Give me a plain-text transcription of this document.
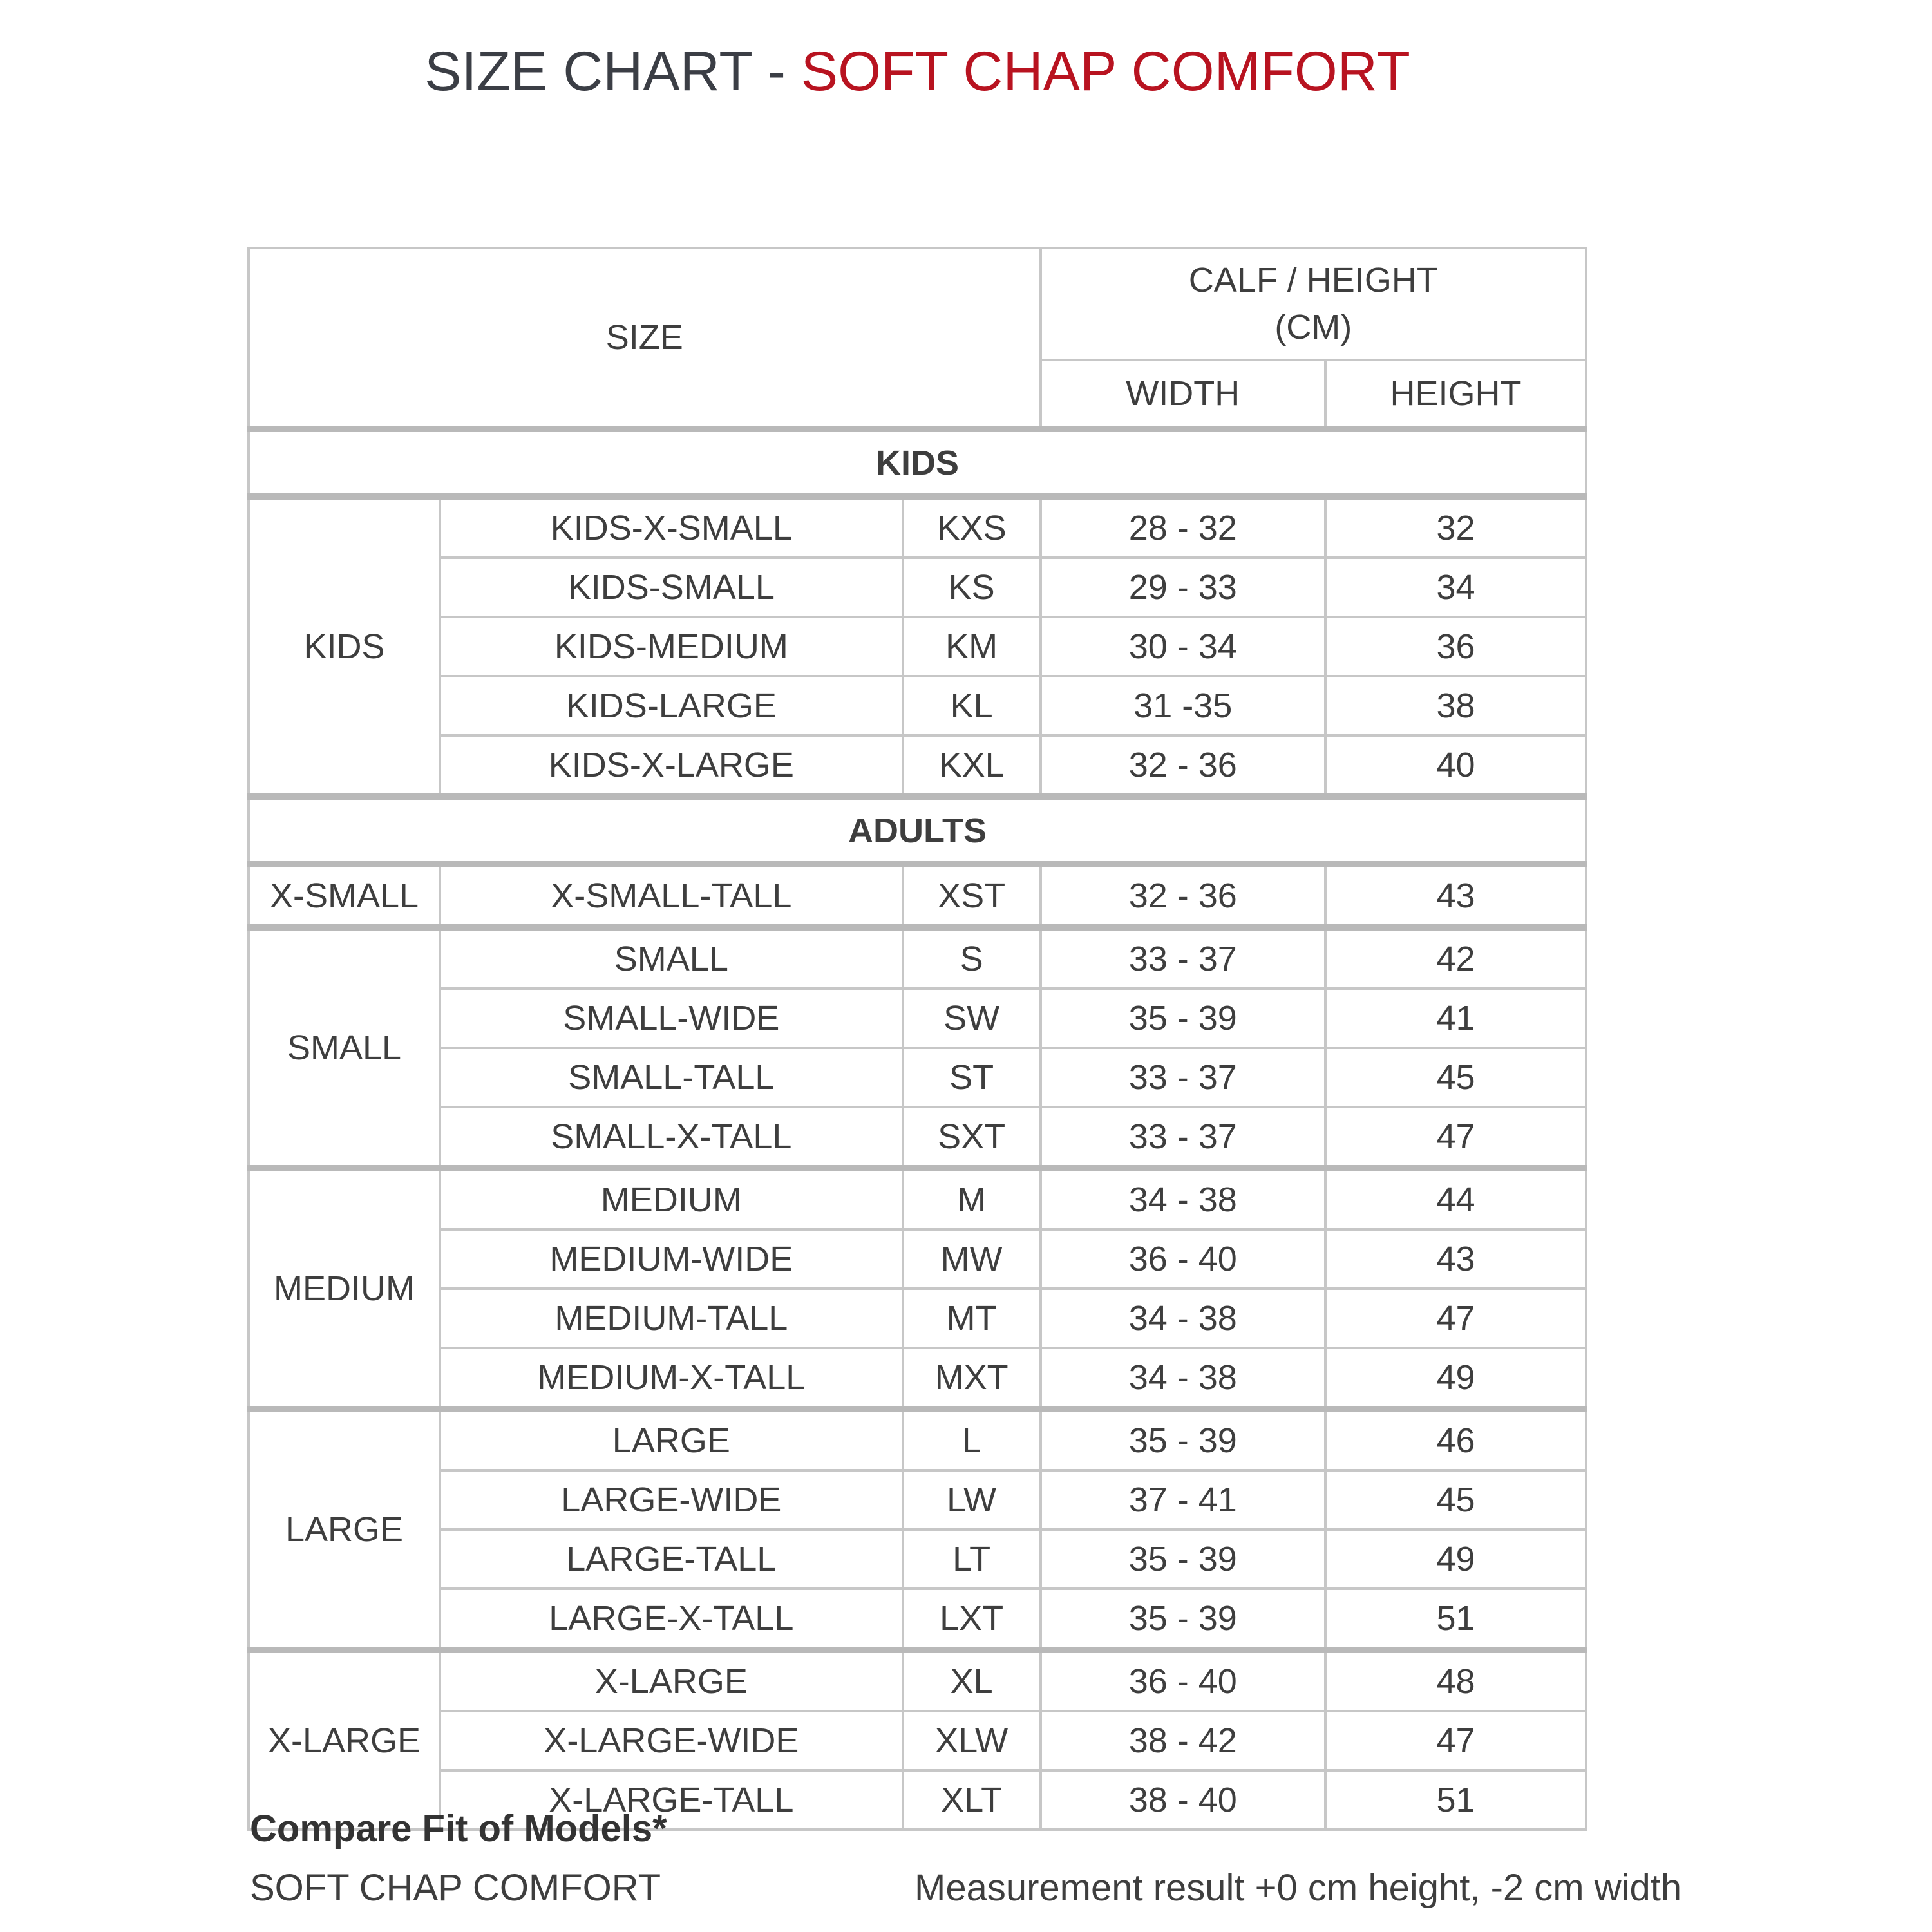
SIZE CHART - SOFT CHAP COMFORT
SIZE			CALF / HEIGHT
(CM)	

			WIDTH	HEIGHT
KIDS				
KIDS	KIDS-X-SMALL	KXS	28 - 32	32
	KIDS-SMALL	KS	29 - 33	34
	KIDS-MEDIUM	KM	30 - 34	36
	KIDS-LARGE	KL	31 -35	38
	KIDS-X-LARGE	KXL	32 - 36	40
ADULTS				
X-SMALL	X-SMALL-TALL	XST	32 - 36	43
SMALL	SMALL	S	33 - 37	42
	SMALL-WIDE	SW	35 - 39	41
	SMALL-TALL	ST	33 - 37	45
	SMALL-X-TALL	SXT	33 - 37	47
MEDIUM	MEDIUM	M	34 - 38	44
	MEDIUM-WIDE	MW	36 - 40	43
	MEDIUM-TALL	MT	34 - 38	47
	MEDIUM-X-TALL	MXT	34 - 38	49
LARGE	LARGE	L	35 - 39	46
	LARGE-WIDE	LW	37 - 41	45
	LARGE-TALL	LT	35 - 39	49
	LARGE-X-TALL	LXT	35 - 39	51
X-LARGE	X-LARGE	XL	36 - 40	48
	X-LARGE-WIDE	XLW	38 - 42	47
	X-LARGE-TALL	XLT	38 - 40	51
Compare Fit of Models*
SOFT CHAP COMFORT	Measurement result +0 cm height, -2 cm width
